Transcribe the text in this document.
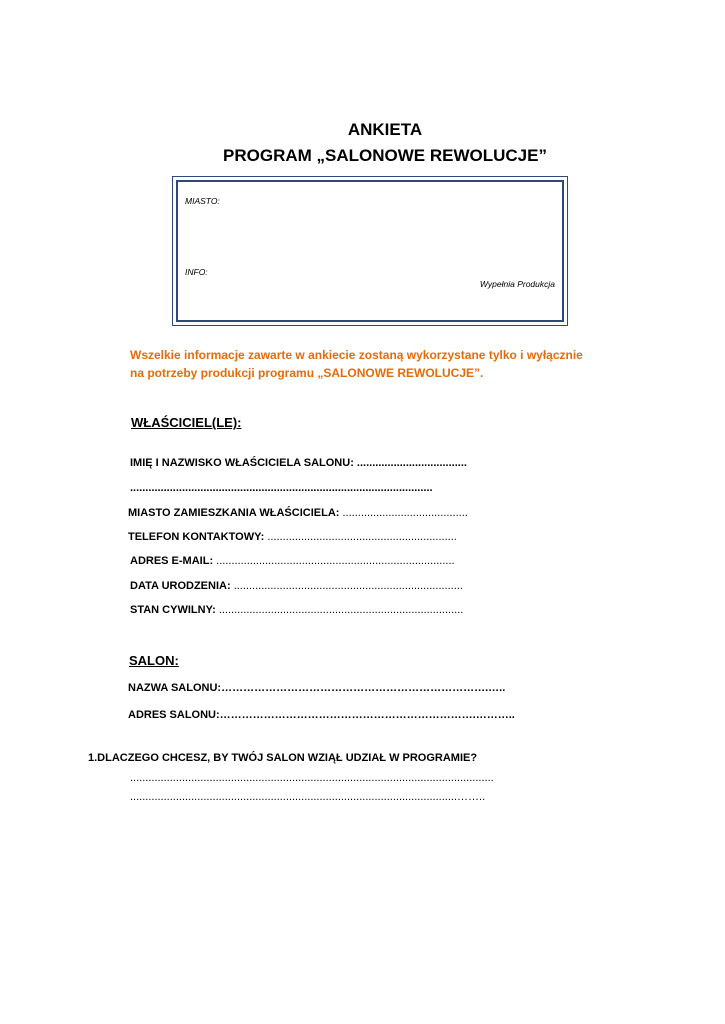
ANKIETA
PROGRAM „SALONOWE REWOLUCJE”
MIASTO:
INFO:
Wypełnia Produkcja
Wszelkie informacje zawarte w ankiecie zostaną wykorzystane tylko i wyłącznie
na potrzeby produkcji programu „SALONOWE REWOLUCJE”.
WŁAŚCICIEL(LE):
IMIĘ I NAZWISKO WŁAŚCICIELA SALONU: ....................................
...................................................................................................
MIASTO ZAMIESZKANIA WŁAŚCICIELA: .........................................
TELEFON KONTAKTOWY: ..............................................................
ADRES E-MAIL: ..............................................................................
DATA URODZENIA: ...........................................................................
STAN CYWILNY: ................................................................................
SALON:
NAZWA SALONU:……………………………………………………………….…..
ADRES SALONU:…………………………………………………………….………..
1.DLACZEGO CHCESZ, BY TWÓJ SALON WZIĄŁ UDZIAŁ W PROGRAMIE?
.......................................................................................................................
...........................................................................................................……..
